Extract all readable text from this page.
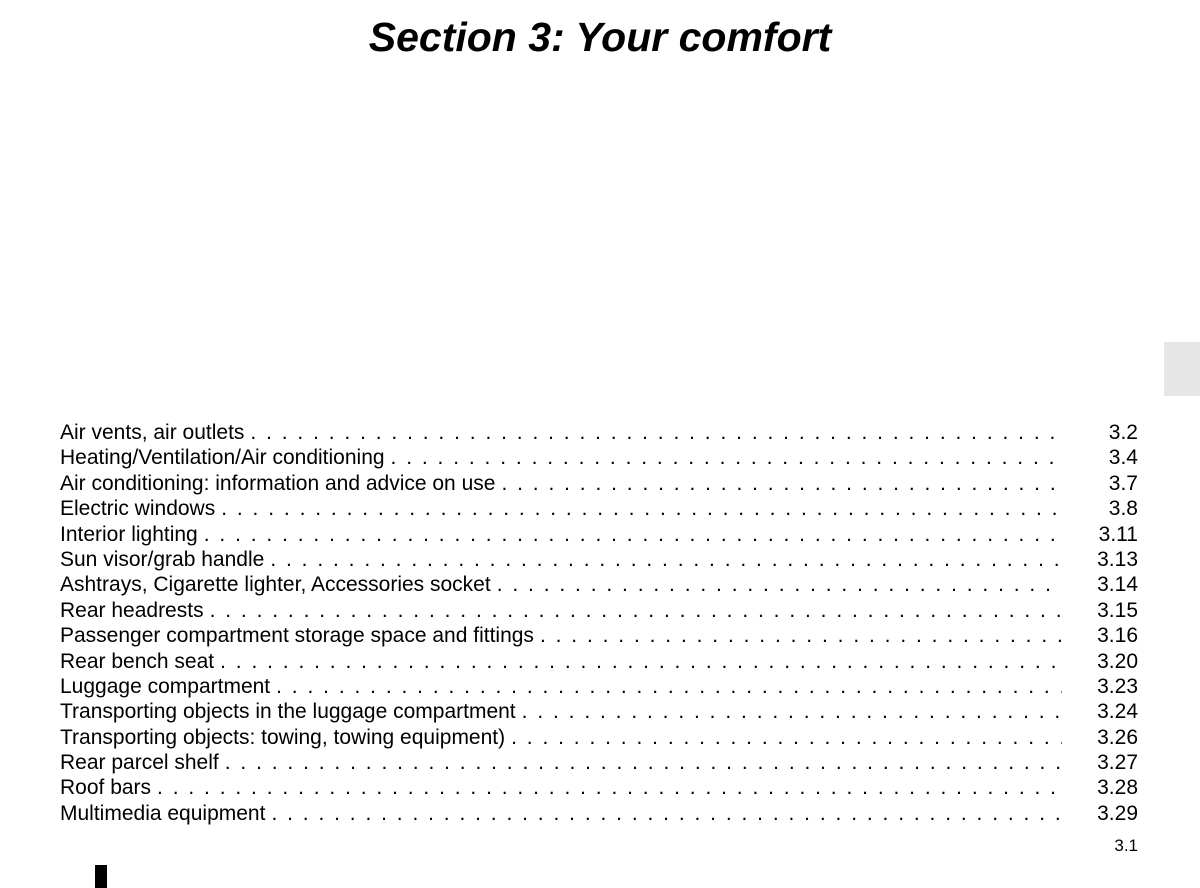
Section 3: Your comfort
Air vents, air outlets . . .	3.2
Heating/Ventilation/Air conditioning . . .	3.4
Air conditioning: information and advice on use . . .	3.7
Electric windows . . .	3.8
Interior lighting . . .	3.11
Sun visor/grab handle . . .	3.13
Ashtrays, Cigarette lighter, Accessories socket . . .	3.14
Rear headrests . . .	3.15
Passenger compartment storage space and fittings . . .	3.16
Rear bench seat . . .	3.20
Luggage compartment . . .	3.23
Transporting objects in the luggage compartment . . .	3.24
Transporting objects: towing, towing equipment) . . .	3.26
Rear parcel shelf . . .	3.27
Roof bars . . .	3.28
Multimedia equipment . . .	3.29
3.1
